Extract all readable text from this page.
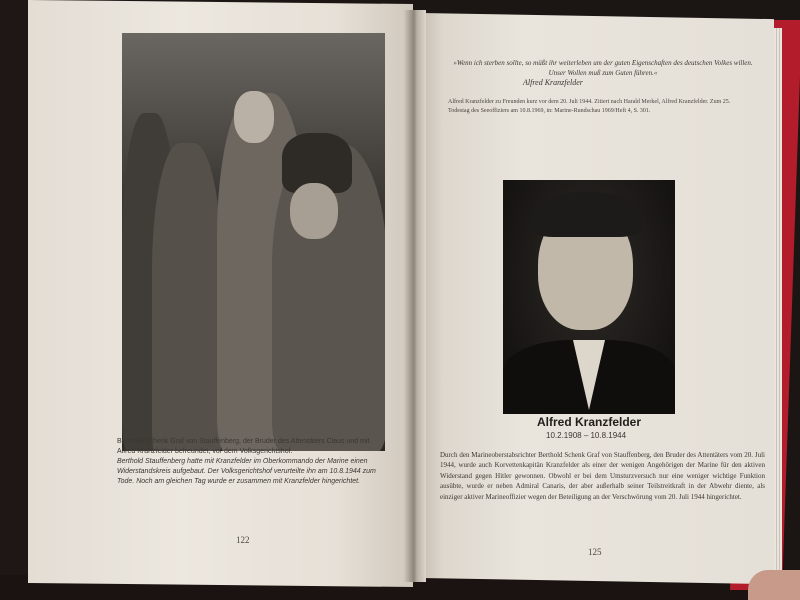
Berthold Schenk Graf von Stauffenberg, der Bruder des Attentäters Claus und mit Alfred Kranzfelder befreundet, vor dem Volksgerichtshof.
Berthold Stauffenberg hatte mit Kranzfelder im Oberkommando der Marine einen Widerstandskreis aufgebaut. Der Volksgerichtshof verurteilte ihn am 10.8.1944 zum Tode. Noch am gleichen Tag wurde er zusammen mit Kranzfelder hingerichtet.
122
»Wenn ich sterben sollte, so müßt ihr weiterleben um der guten Eigenschaften des deutschen Volkes willen. Unser Wollen muß zum Guten führen.«
Alfred Kranzfelder
Alfred Kranzfelder zu Freunden kurz vor dem 20. Juli 1944. Zitiert nach Harald Merkel, Alfred Kranzfelder. Zum 25. Todestag des Seeoffiziers am 10.8.1969, in: Marine-Rundschau 1969/Heft 4, S. 301.
Alfred Kranzfelder
10.2.1908 – 10.8.1944
Durch den Marineoberstabsrichter Berthold Schenk Graf von Stauffenberg, den Bruder des Attentäters vom 20. Juli 1944, wurde auch Korvettenkapitän Kranzfelder als einer der wenigen Angehörigen der Marine für den aktiven Widerstand gegen Hitler gewonnen. Obwohl er bei dem Umsturzversuch nur eine weniger wichtige Funktion ausübte, wurde er neben Admiral Canaris, der aber außerhalb seiner Teilstreitkraft in der Abwehr diente, als einziger aktiver Marineoffizier wegen der Beteiligung an der Verschwörung vom 20. Juli 1944 hingerichtet.
125
